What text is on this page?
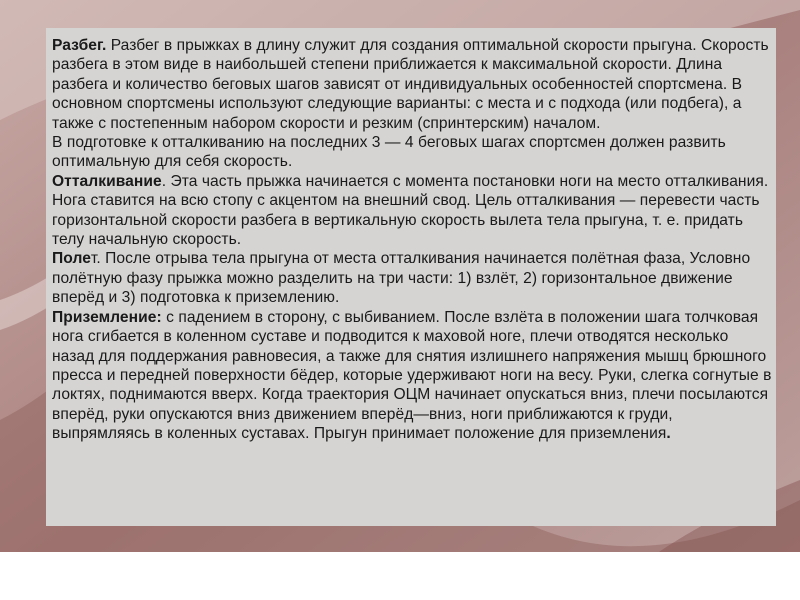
Разбег. Разбег в прыжках в длину служит для создания оптимальной скорости прыгуна. Скорость разбега в этом виде в наибольшей степени приближается к максимальной скорости. Длина разбега и количество беговых шагов зависят от индивидуальных особенностей спортсмена. В основном спортсмены используют следующие варианты: с места и с подхода (или подбега), а также с постепенным набором скорости и резким (спринтерским) началом.

В подготовке к отталкиванию на последних 3 — 4 беговых шагах спортсмен должен развить оптимальную для себя скорость.

Отталкивание. Эта часть прыжка начинается с момента постановки ноги на место отталкивания. Нога ставится на всю стопу с акцентом на внешний свод. Цель отталкивания — перевести часть горизонтальной скорости разбега в вертикальную скорость вылета тела прыгуна, т. е. придать телу начальную скорость.

Полет. После отрыва тела прыгуна от места отталкивания начинается полётная фаза, Условно полётную фазу прыжка можно разделить на три части: 1) взлёт, 2) горизонтальное движение вперёд и 3) подготовка к приземлению.

Приземление: с падением в сторону, с выбиванием. После взлёта в положении шага толчковая нога сгибается в коленном суставе и подводится к маховой ноге, плечи отводятся несколько назад для поддержания равновесия, а также для снятия излишнего напряжения мышц брюшного пресса и передней поверхности бёдер, которые удерживают ноги на весу. Руки, слегка согнутые в локтях, поднимаются вверх. Когда траектория ОЦМ начинает опускаться вниз, плечи посылаются вперёд, руки опускаются вниз движением вперёд—вниз, ноги приближаются к груди, выпрямляясь в коленных суставах. Прыгун принимает положение для приземления.
